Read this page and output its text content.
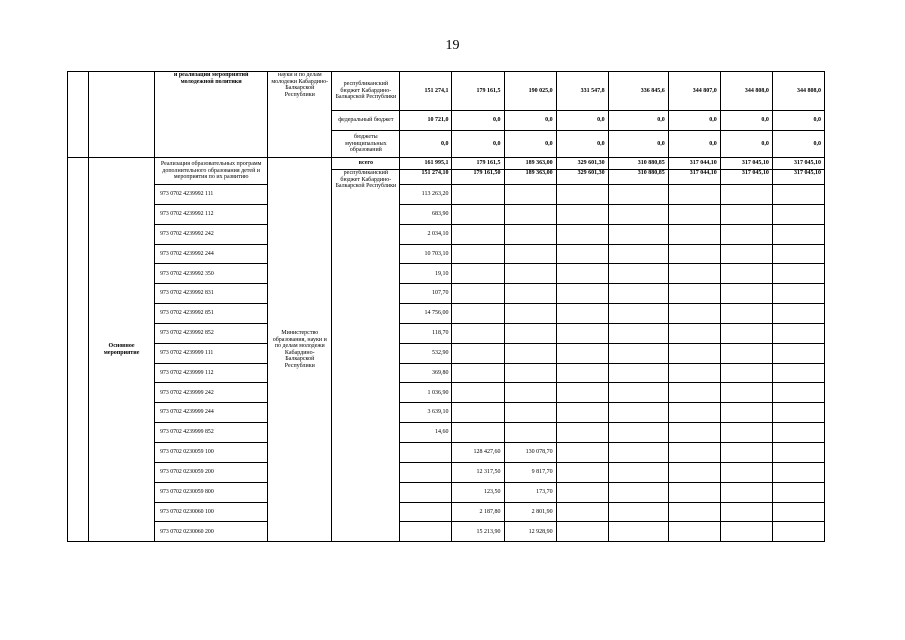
19
		и реализации мероприятий молодежной политики	науки и по делам молодежи Кабардино-Балкарской Республики	республиканский бюджет Кабардино-Балкарской Республики	151 274,1	179 161,5	190 025,0	331 547,8	336 845,6	344 807,0	344 808,0	344 808,0
				федеральный бюджет	10 721,0	0,0	0,0	0,0	0,0	0,0	0,0	0,0
				бюджеты муниципальных образований	0,0	0,0	0,0	0,0	0,0	0,0	0,0	0,0
	Основное мероприятие	Реализация образовательных программ дополнительного образования детей и мероприятия по их развитию	Министерство образования, науки и по делам молодежи Кабардино-Балкарской Республики	всего	161 995,1	179 161,5	189 363,00	329 601,30	310 880,85	317 044,10	317 045,10	317 045,10
				республиканский бюджет Кабардино-Балкарской Республики	151 274,10	179 161,50	189 363,00	329 601,30	310 880,85	317 044,10	317 045,10	317 045,10

		973 0702 4239992 111			113 263,20							
		973 0702 4239992 112			683,90							
		973 0702 4239992 242			2 034,10							
		973 0702 4239992 244			10 703,10							
		973 0702 4239992 350			19,10							
		973 0702 4239992 831			107,70							
		973 0702 4239992 851			14 756,00							
		973 0702 4239992 852			118,70							
		973 0702 4239999 111			532,90							
		973 0702 4239999 112			369,80							
		973 0702 4239999 242			1 036,90							
		973 0702 4239999 244			3 639,10							
		973 0702 4239999 852			14,60							
		973 0702 0230059 100				128 427,60	130 078,70					
		973 0702 0230059 200				12 317,50	9 817,70					
		973 0702 0230059 800				123,50	173,70					
		973 0702 0230060 100				2 187,80	2 801,90					
		973 0702 0230060 200				15 213,90	12 928,90					
